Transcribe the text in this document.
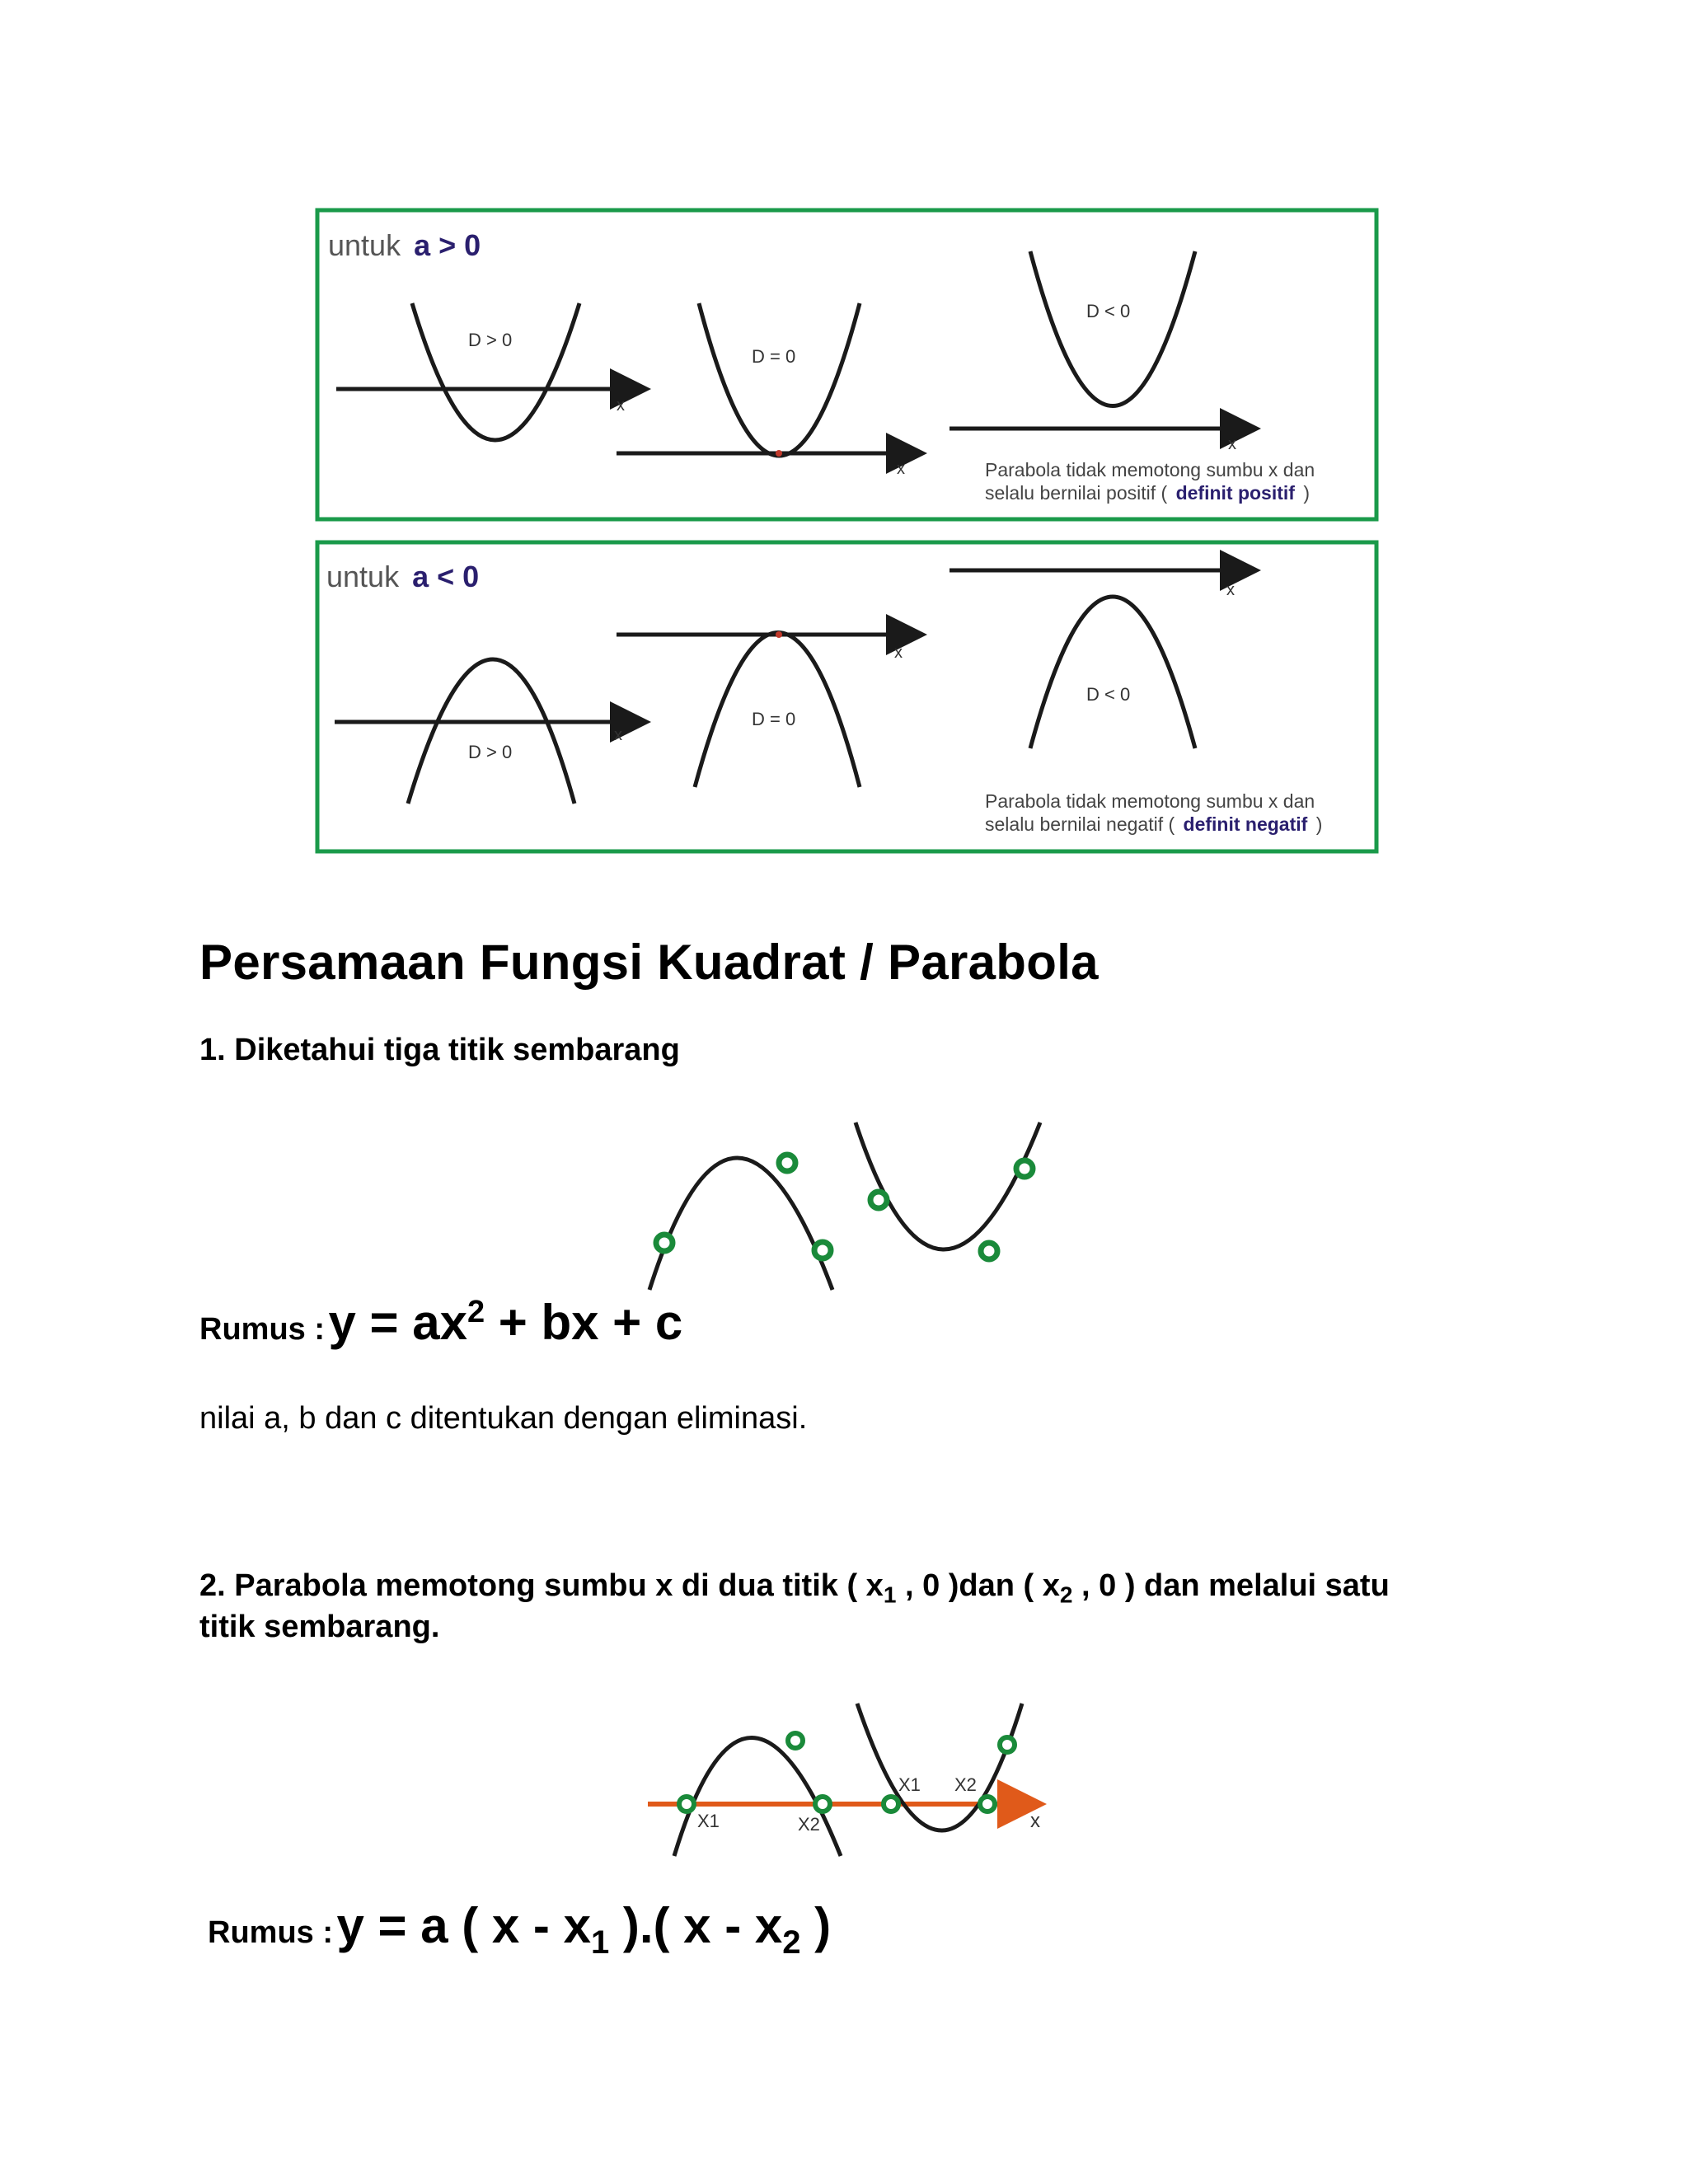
untuk a > 0
D > 0
x
D = 0
x
D < 0
x
Parabola tidak memotong sumbu x dan
selalu bernilai positif ( definit positif )
untuk a < 0
D > 0
x
D = 0
x
D < 0
x
Parabola tidak memotong sumbu x dan
selalu bernilai negatif ( definit negatif )
Persamaan Fungsi Kuadrat / Parabola
1. Diketahui tiga titik sembarang
Rumus : $y = ax^2$ + bx + c
nilai a, b dan c ditentukan dengan eliminasi.
2. Parabola memotong sumbu x di dua titik ( $x_1$ , 0 )dan ( $x_2$ , 0 ) dan melalui satu
titik sembarang.
x
X1	X2
X1 X2
Rumus : y = a ( x - $x_1$ ).( x - $x_2$ )
